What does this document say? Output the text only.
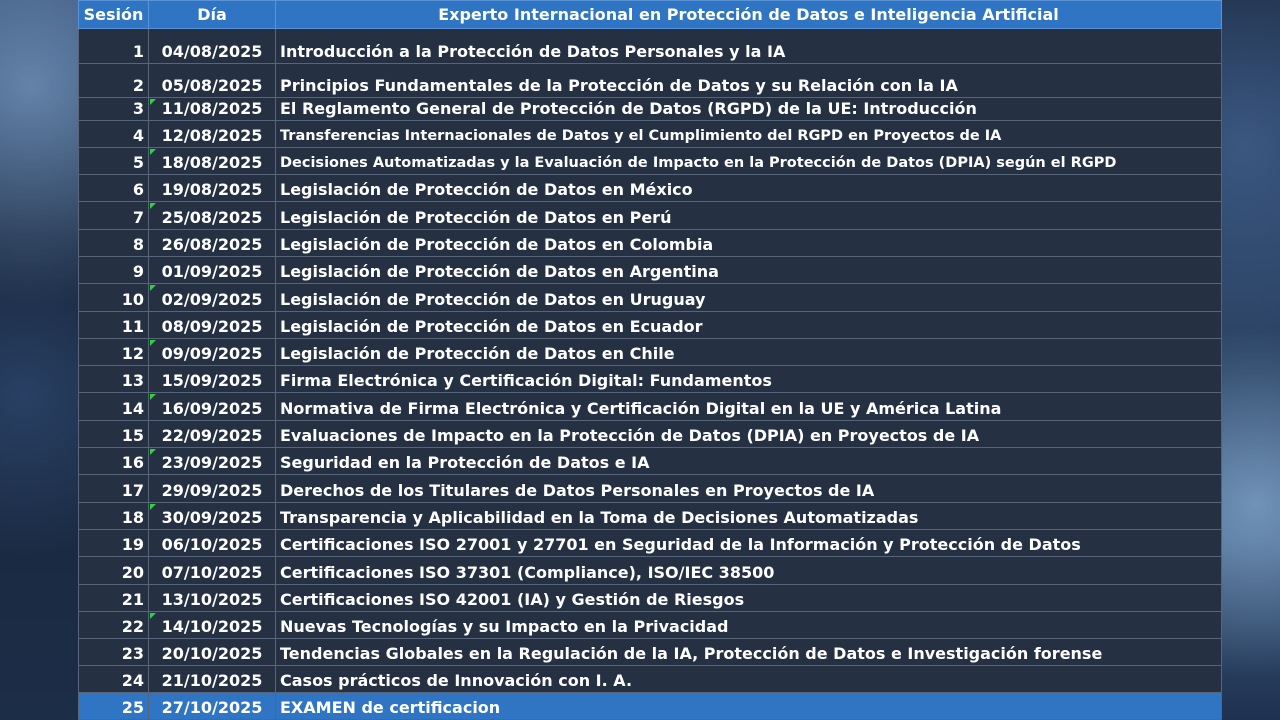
Sesión	Día	Experto Internacional en Protección de Datos e Inteligencia Artificial
1	04/08/2025	Introducción a la Protección de Datos Personales y la IA
2	05/08/2025	Principios Fundamentales de la Protección de Datos y su Relación con la IA
3	11/08/2025	El Reglamento General de Protección de Datos (RGPD) de la UE: Introducción
4	12/08/2025	Transferencias Internacionales de Datos y el Cumplimiento del RGPD en Proyectos de IA
5	18/08/2025	Decisiones Automatizadas y la Evaluación de Impacto en la Protección de Datos (DPIA) según el RGPD
6	19/08/2025	Legislación de Protección de Datos en México
7	25/08/2025	Legislación de Protección de Datos en Perú
8	26/08/2025	Legislación de Protección de Datos en Colombia
9	01/09/2025	Legislación de Protección de Datos en Argentina
10	02/09/2025	Legislación de Protección de Datos en Uruguay
11	08/09/2025	Legislación de Protección de Datos en Ecuador
12	09/09/2025	Legislación de Protección de Datos en Chile
13	15/09/2025	Firma Electrónica y Certificación Digital: Fundamentos
14	16/09/2025	Normativa de Firma Electrónica y Certificación Digital en la UE y América Latina
15	22/09/2025	Evaluaciones de Impacto en la Protección de Datos (DPIA) en Proyectos de IA
16	23/09/2025	Seguridad en la Protección de Datos e IA
17	29/09/2025	Derechos de los Titulares de Datos Personales en Proyectos de IA
18	30/09/2025	Transparencia y Aplicabilidad en la Toma de Decisiones Automatizadas
19	06/10/2025	Certificaciones ISO 27001 y 27701 en Seguridad de la Información y Protección de Datos
20	07/10/2025	Certificaciones ISO 37301 (Compliance), ISO/IEC 38500
21	13/10/2025	Certificaciones ISO 42001 (IA) y Gestión de Riesgos
22	14/10/2025	Nuevas Tecnologías y su Impacto en la Privacidad
23	20/10/2025	Tendencias Globales en la Regulación de la IA, Protección de Datos e Investigación forense
24	21/10/2025	Casos prácticos de Innovación con I. A.
25	27/10/2025	EXAMEN de certificacion
